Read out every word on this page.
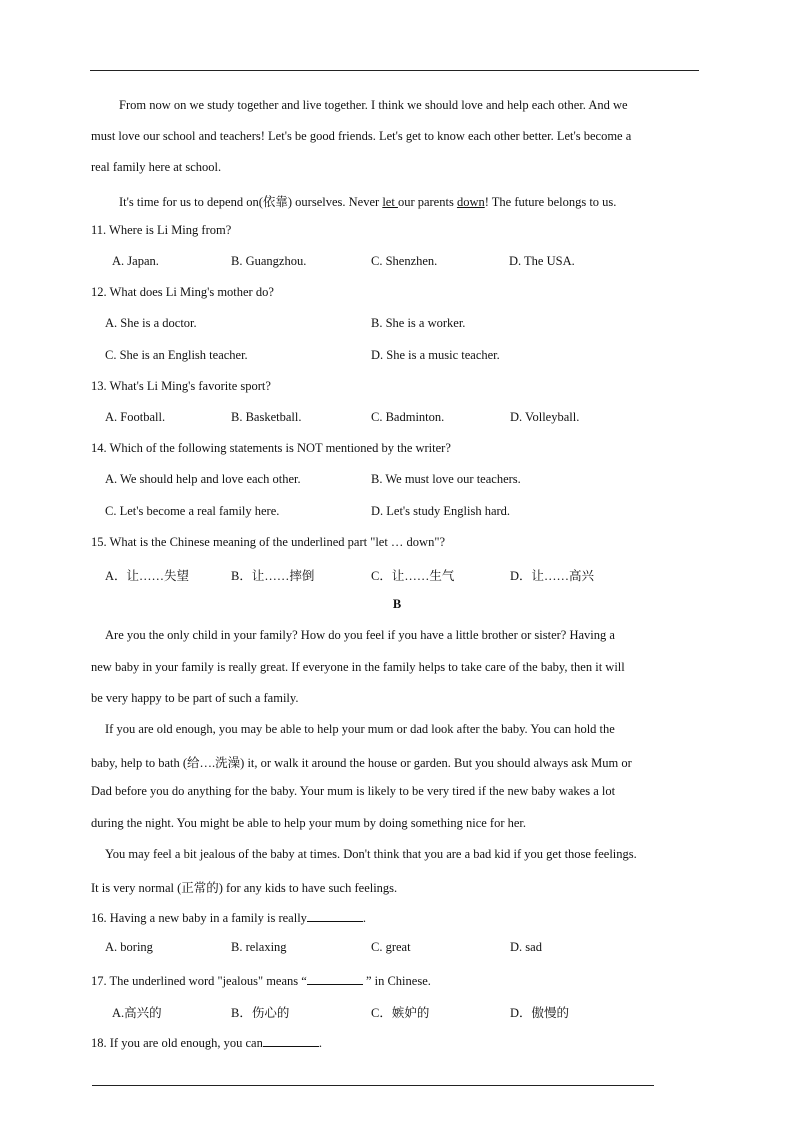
From now on we study together and live together. I think we should love and help each other. And we
must love our school and teachers! Let's be good friends. Let's get to know each other better. Let's become a
real family here at school.
It's time for us to depend on(依靠) ourselves. Never let our parents down! The future belongs to us.
11. Where is Li Ming from?
A. Japan.	B. Guangzhou.	C. Shenzhen.	D. The USA.
12. What does Li Ming's mother do?
A. She is a doctor.	B. She is a worker.
C. She is an English teacher.	D. She is a music teacher.
13. What's Li Ming's favorite sport?
A. Football.	B. Basketball.	C. Badminton.	D. Volleyball.
14. Which of the following statements is NOT mentioned by the writer?
A. We should help and love each other.	B. We must love our teachers.
C. Let's become a real family here.	D. Let's study English hard.
15. What is the Chinese meaning of the underlined part "let … down"?
A．让……失望	B．让……摔倒	C．让……生气	D．让……高兴
B
Are you the only child in your family? How do you feel if you have a little brother or sister? Having a
new baby in your family is really great. If everyone in the family helps to take care of the baby, then it will
be very happy to be part of such a family.
If you are old enough, you may be able to help your mum or dad look after the baby. You can hold the
baby, help to bath (给….洗澡) it, or walk it around the house or garden. But you should always ask Mum or
Dad before you do anything for the baby. Your mum is likely to be very tired if the new baby wakes a lot
during the night. You might be able to help your mum by doing something nice for her.
You may feel a bit jealous of the baby at times. Don't think that you are a bad kid if you get those feelings.
It is very normal (正常的) for any kids to have such feelings.
16. Having a new baby in a family is really	.
A. boring	B. relaxing	C. great	D. sad
17. The underlined word "jealous" means “	” in Chinese.
A.高兴的	B．伤心的	C．嫉妒的	D．傲慢的
18. If you are old enough, you can	.
